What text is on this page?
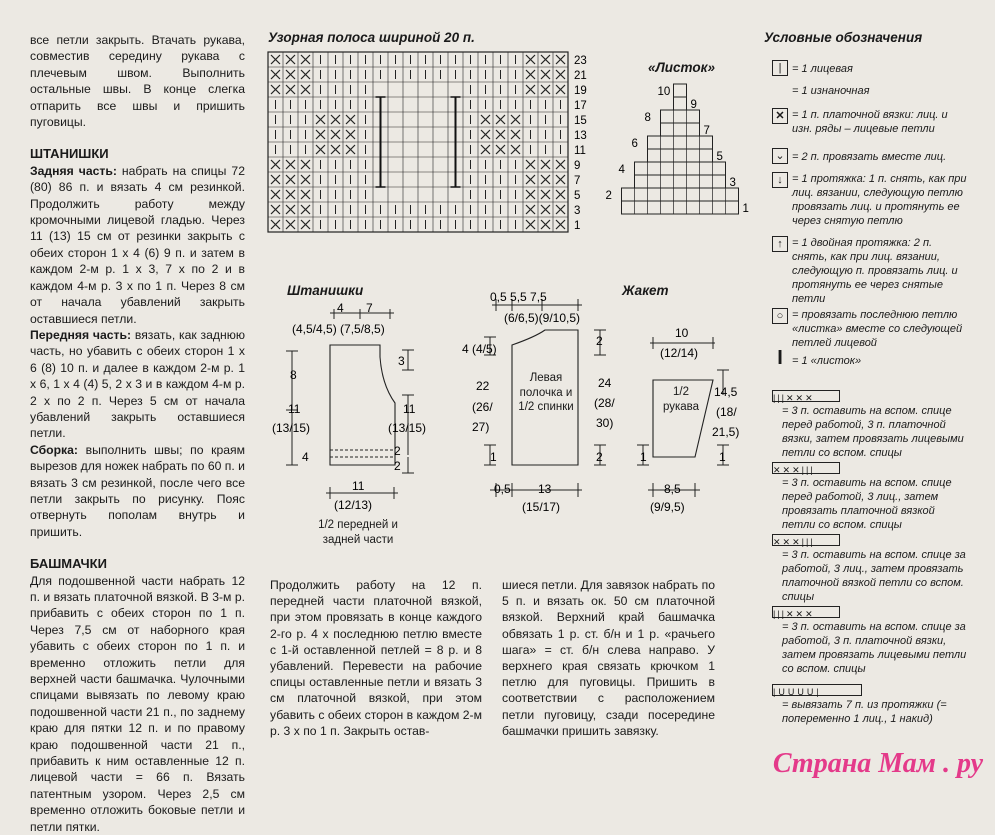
все петли закрыть. Втачать рукава, совместив середину рукава с плечевым швом. Выполнить остальные швы. В конце слегка отпарить все швы и пришить пуговицы.

ШТАНИШКИ

Задняя часть: набрать на спицы 72 (80) 86 п. и вязать 4 см резинкой. Продолжить работу между кромочными лицевой гладью. Через 11 (13) 15 см от резинки закрыть с обеих сторон 1 х 4 (6) 9 п. и затем в каждом 2-м р. 1 х 3, 7 х по 2 и в каждом 4-м р. 3 х по 1 п. Через 8 см от начала убавлений закрыть оставшиеся петли.

Передняя часть: вязать, как заднюю часть, но убавить с обеих сторон 1 х 6 (8) 10 п. и далее в каждом 2-м р. 1 х 6, 1 х 4 (4) 5, 2 х 3 и в каждом 4-м р. 2 х по 2 п. Через 5 см от начала убавлений закрыть оставшиеся петли.

Сборка: выполнить швы; по краям вырезов для ножек набрать по 60 п. и вязать 3 см резинкой, после чего все петли закрыть по рисунку. Пояс отвернуть пополам внутрь и пришить.

БАШМАЧКИ

Для подошвенной части набрать 12 п. и вязать платочной вязкой. В 3-м р. прибавить с обеих сторон по 1 п. Через 7,5 см от наборного края убавить с обеих сторон по 1 п. и временно отложить петли для верхней части башмачка. Чулочными спицами вывязать по левому краю подошвенной части 21 п., по заднему краю для пятки 12 п. и по правому краю подошвенной части 21 п., прибавить к ним оставленные 12 п. лицевой части = 66 п. Вязать патентным узором. Через 2,5 см временно отложить боковые петли и петли пятки.

Продолжить работу на 12 п. передней части платочной вязкой, при этом провязать в конце каждого 2-го р. 4 х последнюю петлю вместе с 1-й оставленной петлей = 8 р. и 8 убавлений. Перевести на рабочие спицы оставленные петли и вязать 3 см платочной вязкой, при этом убавить с обеих сторон в каждом 2-м р. 3 х по 1 п. Закрыть остав-
шиеся петли. Для завязок набрать по 5 п. и вязать ок. 50 см платочной вязкой. Верхний край башмачка обвязать 1 р. ст. б/н и 1 р. «рачьего шага» = ст. б/н слева направо. У верхнего края связать крючком 1 петлю для пуговицы. Пришить в соответствии с расположением петли пуговицу, сзади посередине башмачки пришить завязку.
Узорная полоса шириной 20 п.
23
21
19
17
15
13
11
9
7
5
3
1
«Листок»
10
8
6
4
2
9
7
5
3
1
Штанишки
4 7
(4,5/4,5) (7,5/8,5)
8
11
(13/15)
4
3
11
(13/15)
2
2
11
(12/13)
1/2 передней и задней части
Жакет
0,5 5,5 7,5
(6/6,5)(9/10,5)
4 (4/5)
22
(26/
27)
1
Левая полочка и 1/2 спинки
2
24
(28/
30)
2
0,5 13
(15/17)
10
(12/14)
1/2 рукава
14,5
(18/
21,5)
1	1
8,5
(9/9,5)
Условные обозначения
| = 1 лицевая

= 1 изнаночная
✕ = 1 п. платочной вязки: лиц. и изн. ряды – лицевые петли
⌄ = 2 п. провязать вместе лиц.
↓ = 1 протяжка: 1 п. снять, как при лиц. вязании, следующую петлю провязать лиц. и протянуть ее через снятую петлю
↑ = 1 двойная протяжка: 2 п. снять, как при лиц. вязании, следующую п. провязать лиц. и протянуть ее через снятые петли
○ = провязать последнюю петлю «листка» вместе со следующей петлей лицевой
I = 1 «листок»
|||✕✕✕
= 3 п. оставить на вспом. спице перед работой, 3 п. платочной вязки, затем провязать лицевыми петли со вспом. спицы
✕✕✕|||
= 3 п. оставить на вспом. спице перед работой, 3 лиц., затем провязать платочной вязкой петли со вспом. спицы
✕✕✕|||
= 3 п. оставить на вспом. спице за работой, 3 лиц., затем провязать платочной вязкой петли со вспом. спицы
|||✕✕✕
= 3 п. оставить на вспом. спице за работой, 3 п. платочной вязки, затем провязать лицевыми петли со вспом. спицы
|UUUU|
= вывязать 7 п. из протяжки (= попеременно 1 лиц., 1 накид)
Страна Мам . ру
